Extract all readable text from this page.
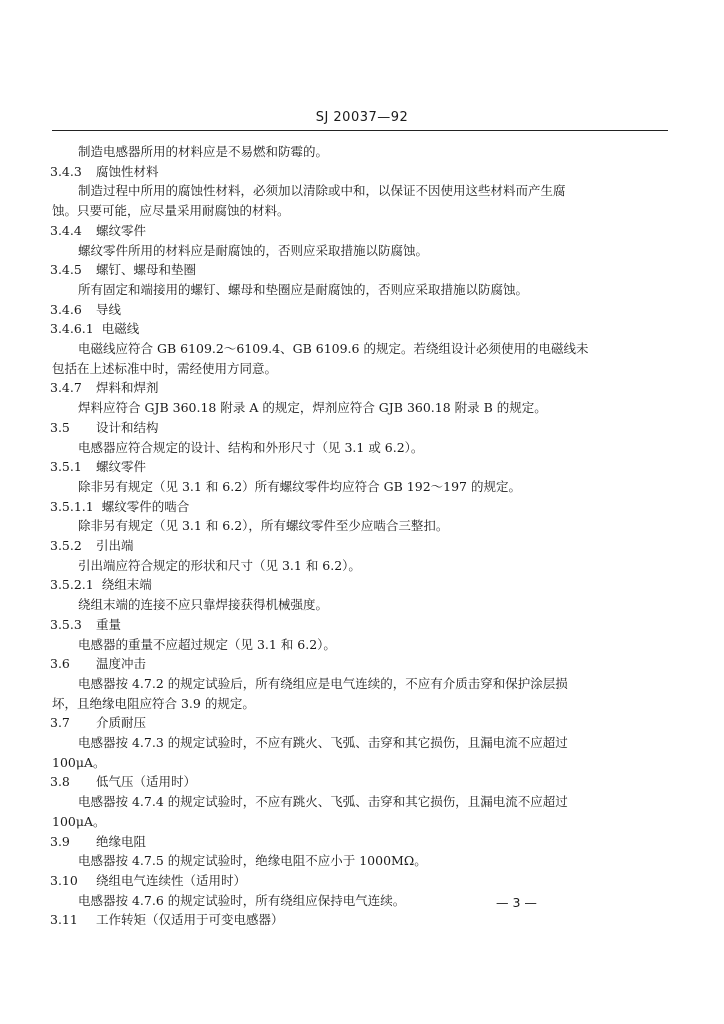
SJ 20037—92
制造电感器所用的材料应是不易燃和防霉的。
3.4.3 腐蚀性材料
制造过程中所用的腐蚀性材料，必须加以清除或中和，以保证不因使用这些材料而产生腐
蚀。只要可能，应尽量采用耐腐蚀的材料。
3.4.4 螺纹零件
螺纹零件所用的材料应是耐腐蚀的，否则应采取措施以防腐蚀。
3.4.5 螺钉、螺母和垫圈
所有固定和端接用的螺钉、螺母和垫圈应是耐腐蚀的，否则应采取措施以防腐蚀。
3.4.6 导线
3.4.6.1 电磁线
电磁线应符合 GB 6109.2～6109.4、GB 6109.6 的规定。若绕组设计必须使用的电磁线未
包括在上述标准中时，需经使用方同意。
3.4.7 焊料和焊剂
焊料应符合 GJB 360.18 附录 A 的规定，焊剂应符合 GJB 360.18 附录 B 的规定。
3.5 设计和结构
电感器应符合规定的设计、结构和外形尺寸（见 3.1 或 6.2）。
3.5.1 螺纹零件
除非另有规定（见 3.1 和 6.2）所有螺纹零件均应符合 GB 192～197 的规定。
3.5.1.1 螺纹零件的啮合
除非另有规定（见 3.1 和 6.2），所有螺纹零件至少应啮合三整扣。
3.5.2 引出端
引出端应符合规定的形状和尺寸（见 3.1 和 6.2）。
3.5.2.1 绕组末端
绕组末端的连接不应只靠焊接获得机械强度。
3.5.3 重量
电感器的重量不应超过规定（见 3.1 和 6.2）。
3.6 温度冲击
电感器按 4.7.2 的规定试验后，所有绕组应是电气连续的，不应有介质击穿和保护涂层损
坏，且绝缘电阻应符合 3.9 的规定。
3.7 介质耐压
电感器按 4.7.3 的规定试验时，不应有跳火、飞弧、击穿和其它损伤，且漏电流不应超过
100μA。
3.8 低气压（适用时）
电感器按 4.7.4 的规定试验时，不应有跳火、飞弧、击穿和其它损伤，且漏电流不应超过
100μA。
3.9 绝缘电阻
电感器按 4.7.5 的规定试验时，绝缘电阻不应小于 1000MΩ。
3.10 绕组电气连续性（适用时）
电感器按 4.7.6 的规定试验时，所有绕组应保持电气连续。
3.11 工作转矩（仅适用于可变电感器）
— 3 —
